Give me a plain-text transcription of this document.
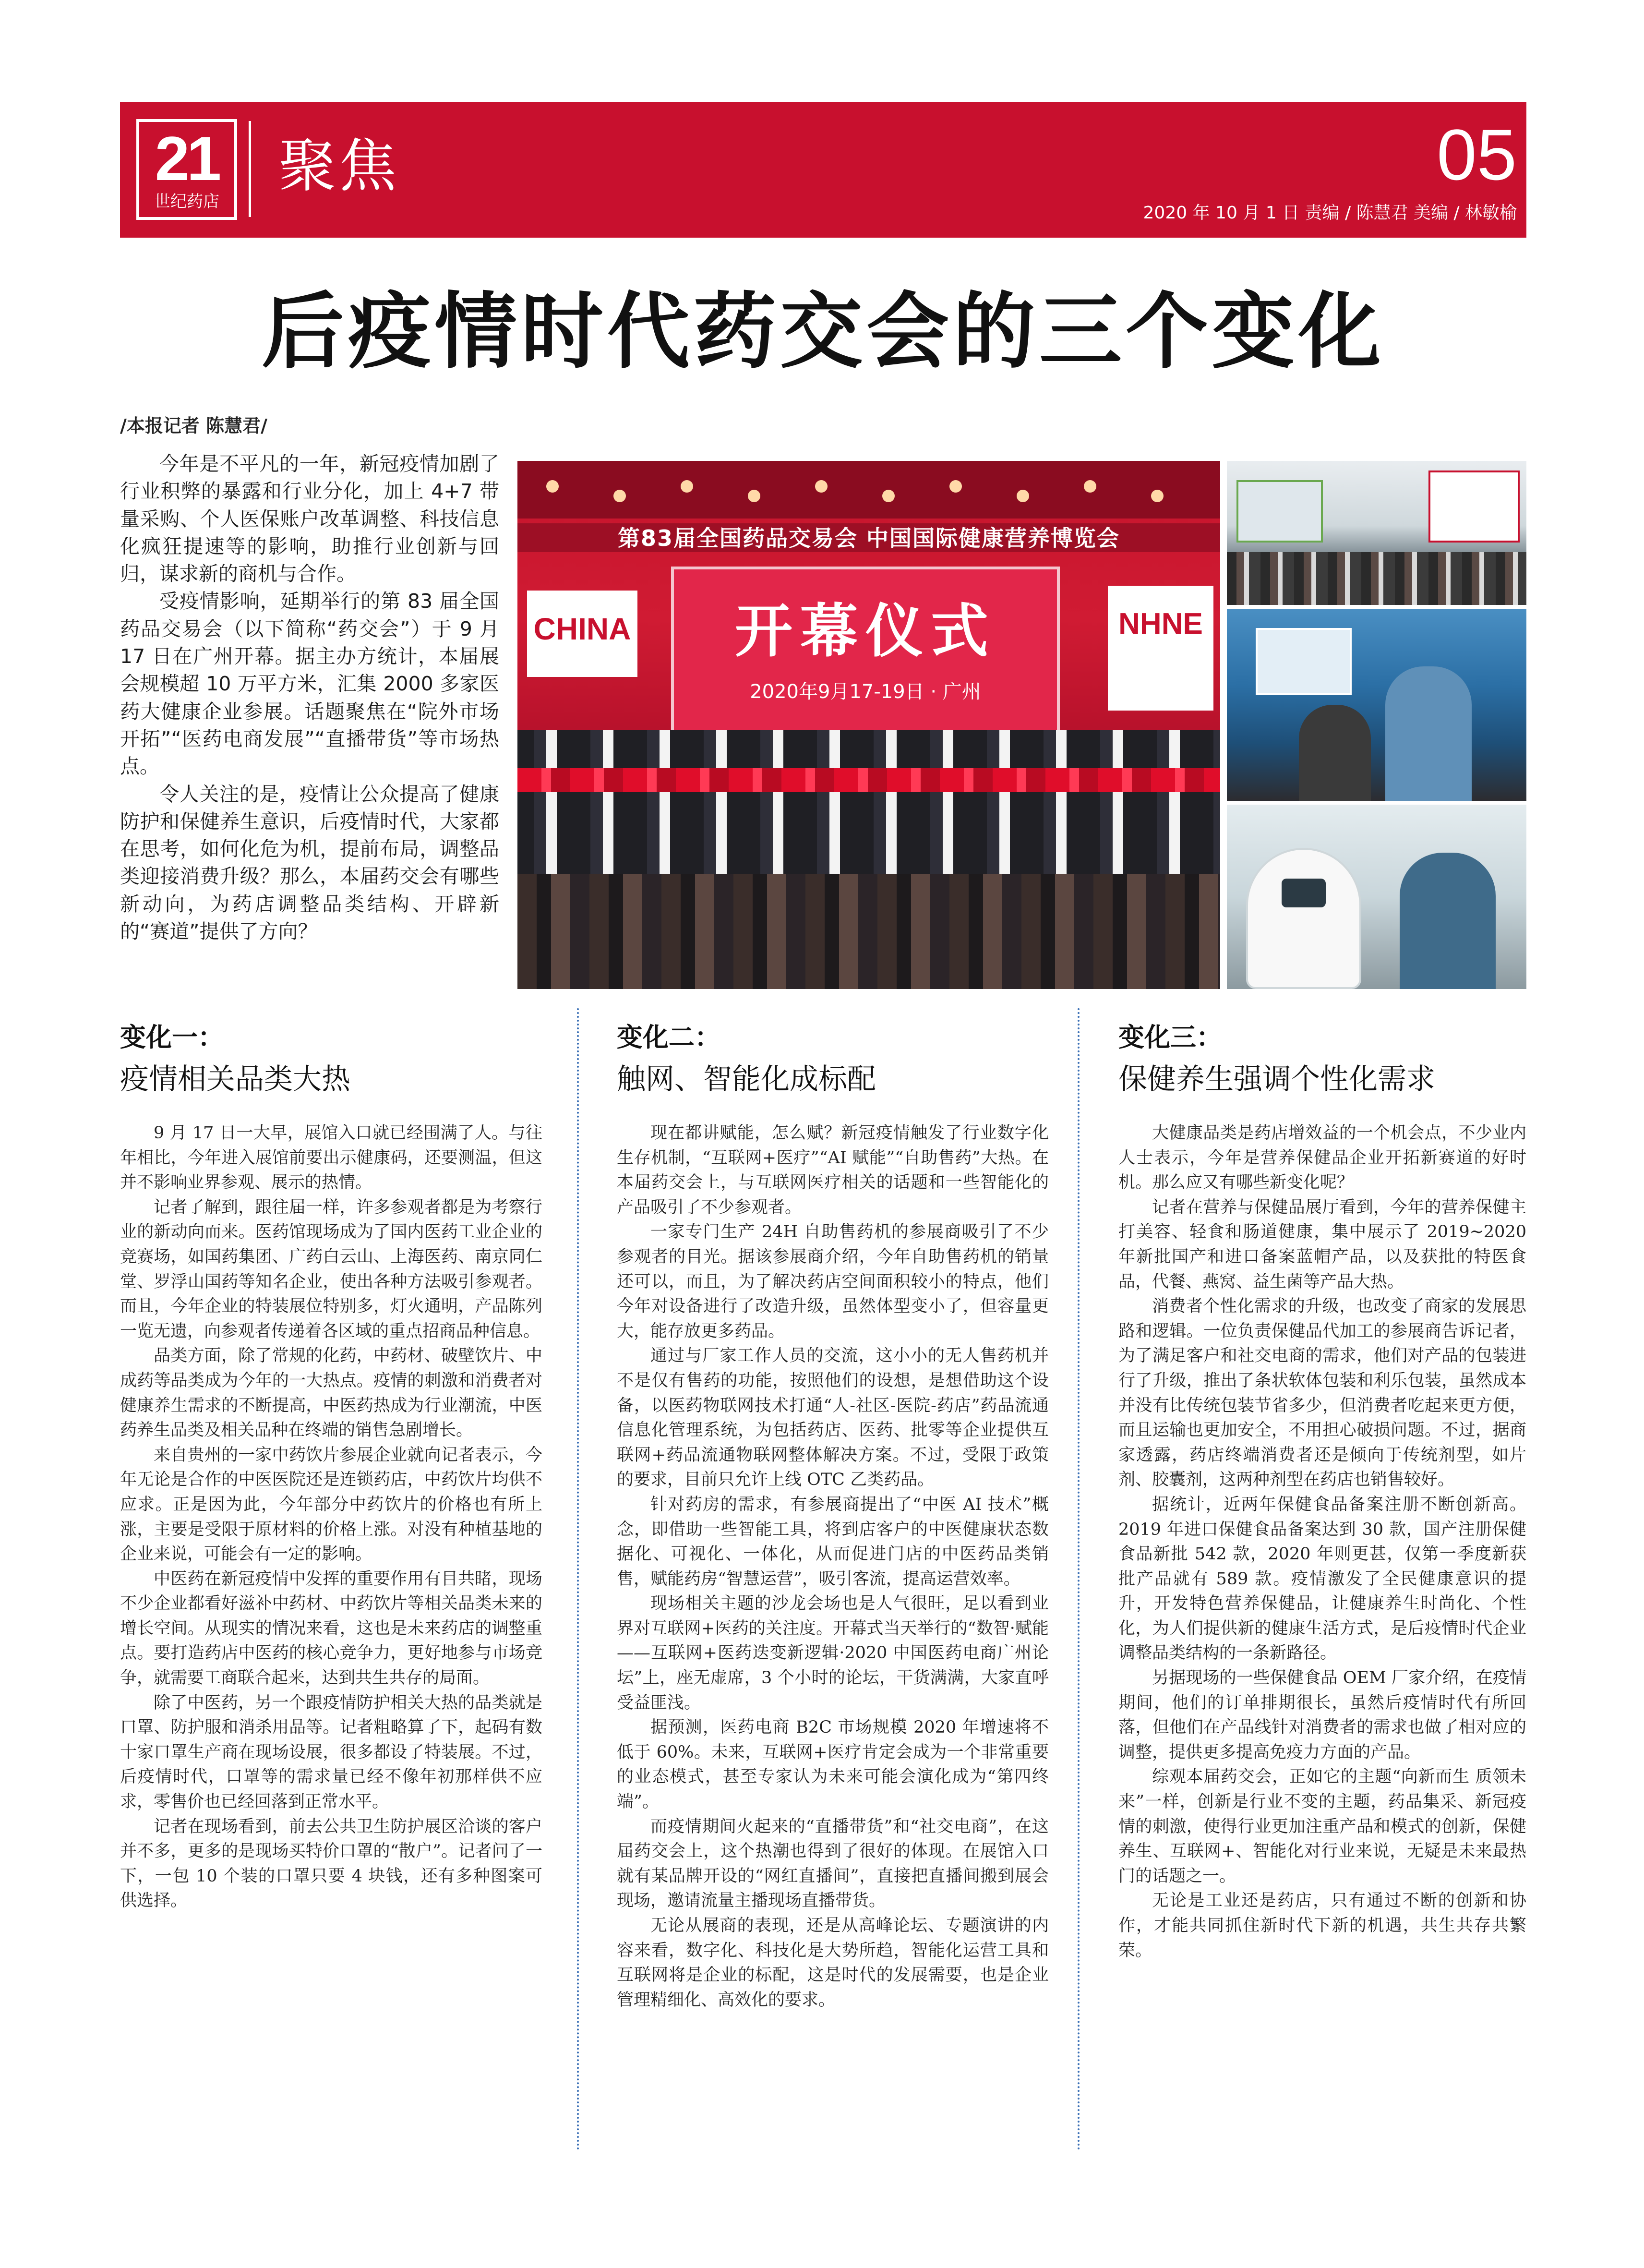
21
世纪药店
聚焦	05
2020 年 10 月 1 日 责编 / 陈慧君 美编 / 林敏榆
后疫情时代药交会的三个变化
/本报记者 陈慧君/

今年是不平凡的一年，新冠疫情加剧了行业积弊的暴露和行业分化，加上 4+7 带量采购、个人医保账户改革调整、科技信息化疯狂提速等的影响，助推行业创新与回归，谋求新的商机与合作。

受疫情影响，延期举行的第 83 届全国药品交易会（以下简称“药交会”）于 9 月 17 日在广州开幕。据主办方统计，本届展会规模超 10 万平方米，汇集 2000 多家医药大健康企业参展。话题聚焦在“院外市场开拓”“医药电商发展”“直播带货”等市场热点。

令人关注的是，疫情让公众提高了健康防护和保健养生意识，后疫情时代，大家都在思考，如何化危为机，提前布局，调整品类迎接消费升级？那么，本届药交会有哪些新动向，为药店调整品类结构、开辟新的“赛道”提供了方向？

第83届全国药品交易会 中国国际健康营养博览会
开幕仪式
2020年9月17-19日 · 广州
CHINA	NHNE
变化一：
疫情相关品类大热
变化二：
触网、智能化成标配
变化三：
保健养生强调个性化需求

9 月 17 日一大早，展馆入口就已经围满了人。与往年相比，今年进入展馆前要出示健康码，还要测温，但这并不影响业界参观、展示的热情。

记者了解到，跟往届一样，许多参观者都是为考察行业的新动向而来。医药馆现场成为了国内医药工业企业的竞赛场，如国药集团、广药白云山、上海医药、南京同仁堂、罗浮山国药等知名企业，使出各种方法吸引参观者。而且，今年企业的特装展位特别多，灯火通明，产品陈列一览无遗，向参观者传递着各区域的重点招商品种信息。

品类方面，除了常规的化药，中药材、破壁饮片、中成药等品类成为今年的一大热点。疫情的刺激和消费者对健康养生需求的不断提高，中医药热成为行业潮流，中医药养生品类及相关品种在终端的销售急剧增长。

来自贵州的一家中药饮片参展企业就向记者表示，今年无论是合作的中医医院还是连锁药店，中药饮片均供不应求。正是因为此，今年部分中药饮片的价格也有所上涨，主要是受限于原材料的价格上涨。对没有种植基地的企业来说，可能会有一定的影响。

中医药在新冠疫情中发挥的重要作用有目共睹，现场不少企业都看好滋补中药材、中药饮片等相关品类未来的增长空间。从现实的情况来看，这也是未来药店的调整重点。要打造药店中医药的核心竞争力，更好地参与市场竞争，就需要工商联合起来，达到共生共存的局面。

除了中医药，另一个跟疫情防护相关大热的品类就是口罩、防护服和消杀用品等。记者粗略算了下，起码有数十家口罩生产商在现场设展，很多都设了特装展。不过，后疫情时代，口罩等的需求量已经不像年初那样供不应求，零售价也已经回落到正常水平。

记者在现场看到，前去公共卫生防护展区洽谈的客户并不多，更多的是现场买特价口罩的“散户”。记者问了一下，一包 10 个装的口罩只要 4 块钱，还有多种图案可供选择。

现在都讲赋能，怎么赋？新冠疫情触发了行业数字化生存机制，“互联网+医疗”“AI 赋能”“自助售药”大热。在本届药交会上，与互联网医疗相关的话题和一些智能化的产品吸引了不少参观者。

一家专门生产 24H 自助售药机的参展商吸引了不少参观者的目光。据该参展商介绍，今年自助售药机的销量还可以，而且，为了解决药店空间面积较小的特点，他们今年对设备进行了改造升级，虽然体型变小了，但容量更大，能存放更多药品。

通过与厂家工作人员的交流，这小小的无人售药机并不是仅有售药的功能，按照他们的设想，是想借助这个设备，以医药物联网技术打通“人-社区-医院-药店”药品流通信息化管理系统，为包括药店、医药、批零等企业提供互联网+药品流通物联网整体解决方案。不过，受限于政策的要求，目前只允许上线 OTC 乙类药品。

针对药房的需求，有参展商提出了“中医 AI 技术”概念，即借助一些智能工具，将到店客户的中医健康状态数据化、可视化、一体化，从而促进门店的中医药品类销售，赋能药房“智慧运营”，吸引客流，提高运营效率。

现场相关主题的沙龙会场也是人气很旺，足以看到业界对互联网+医药的关注度。开幕式当天举行的“数智·赋能——互联网+医药迭变新逻辑·2020 中国医药电商广州论坛”上，座无虚席，3 个小时的论坛，干货满满，大家直呼受益匪浅。

据预测，医药电商 B2C 市场规模 2020 年增速将不低于 60%。未来，互联网+医疗肯定会成为一个非常重要的业态模式，甚至专家认为未来可能会演化成为“第四终端”。

而疫情期间火起来的“直播带货”和“社交电商”，在这届药交会上，这个热潮也得到了很好的体现。在展馆入口就有某品牌开设的“网红直播间”，直接把直播间搬到展会现场，邀请流量主播现场直播带货。

无论从展商的表现，还是从高峰论坛、专题演讲的内容来看，数字化、科技化是大势所趋，智能化运营工具和互联网将是企业的标配，这是时代的发展需要，也是企业管理精细化、高效化的要求。

大健康品类是药店增效益的一个机会点，不少业内人士表示，今年是营养保健品企业开拓新赛道的好时机。那么应又有哪些新变化呢？

记者在营养与保健品展厅看到，今年的营养保健主打美容、轻食和肠道健康，集中展示了 2019~2020 年新批国产和进口备案蓝帽产品，以及获批的特医食品，代餐、燕窝、益生菌等产品大热。

消费者个性化需求的升级，也改变了商家的发展思路和逻辑。一位负责保健品代加工的参展商告诉记者，为了满足客户和社交电商的需求，他们对产品的包装进行了升级，推出了条状软体包装和利乐包装，虽然成本并没有比传统包装节省多少，但消费者吃起来更方便，而且运输也更加安全，不用担心破损问题。不过，据商家透露，药店终端消费者还是倾向于传统剂型，如片剂、胶囊剂，这两种剂型在药店也销售较好。

据统计，近两年保健食品备案注册不断创新高。2019 年进口保健食品备案达到 30 款，国产注册保健食品新批 542 款，2020 年则更甚，仅第一季度新获批产品就有 589 款。疫情激发了全民健康意识的提升，开发特色营养保健品，让健康养生时尚化、个性化，为人们提供新的健康生活方式，是后疫情时代企业调整品类结构的一条新路径。

另据现场的一些保健食品 OEM 厂家介绍，在疫情期间，他们的订单排期很长，虽然后疫情时代有所回落，但他们在产品线针对消费者的需求也做了相对应的调整，提供更多提高免疫力方面的产品。

综观本届药交会，正如它的主题“向新而生 质领未来”一样，创新是行业不变的主题，药品集采、新冠疫情的刺激，使得行业更加注重产品和模式的创新，保健养生、互联网+、智能化对行业来说，无疑是未来最热门的话题之一。

无论是工业还是药店，只有通过不断的创新和协作，才能共同抓住新时代下新的机遇，共生共存共繁荣。
